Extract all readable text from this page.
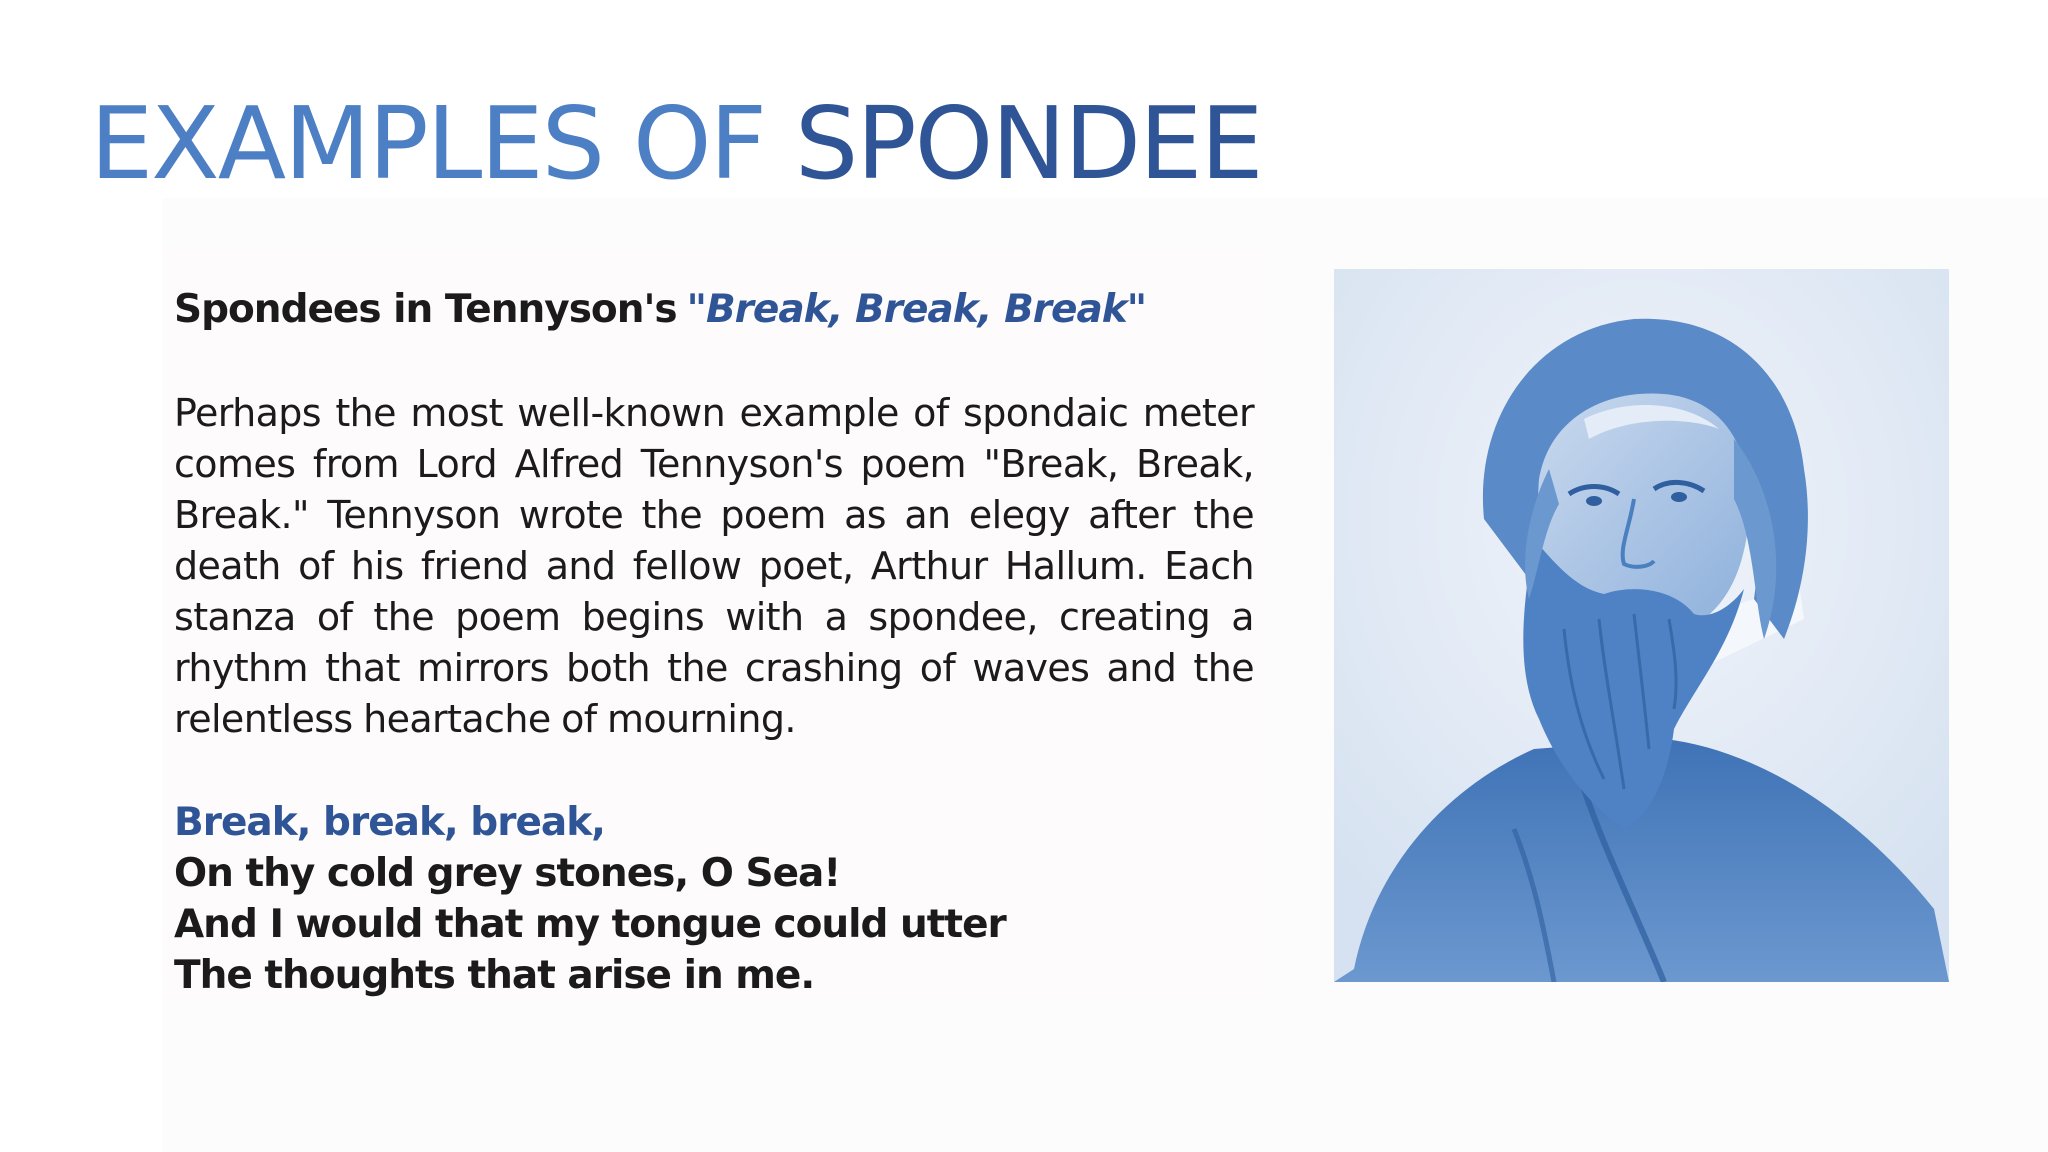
EXAMPLES OF SPONDEE
Spondees in Tennyson's "Break, Break, Break"
Perhaps the most well-known example of spondaic meter comes from Lord Alfred Tennyson's poem "Break, Break, Break." Tennyson wrote the poem as an elegy after the death of his friend and fellow poet, Arthur Hallum. Each stanza of the poem begins with a spondee, creating a rhythm that mirrors both the crashing of waves and the relentless heartache of mourning.
Break, break, break,
On thy cold grey stones, O Sea!
And I would that my tongue could utter
The thoughts that arise in me.
